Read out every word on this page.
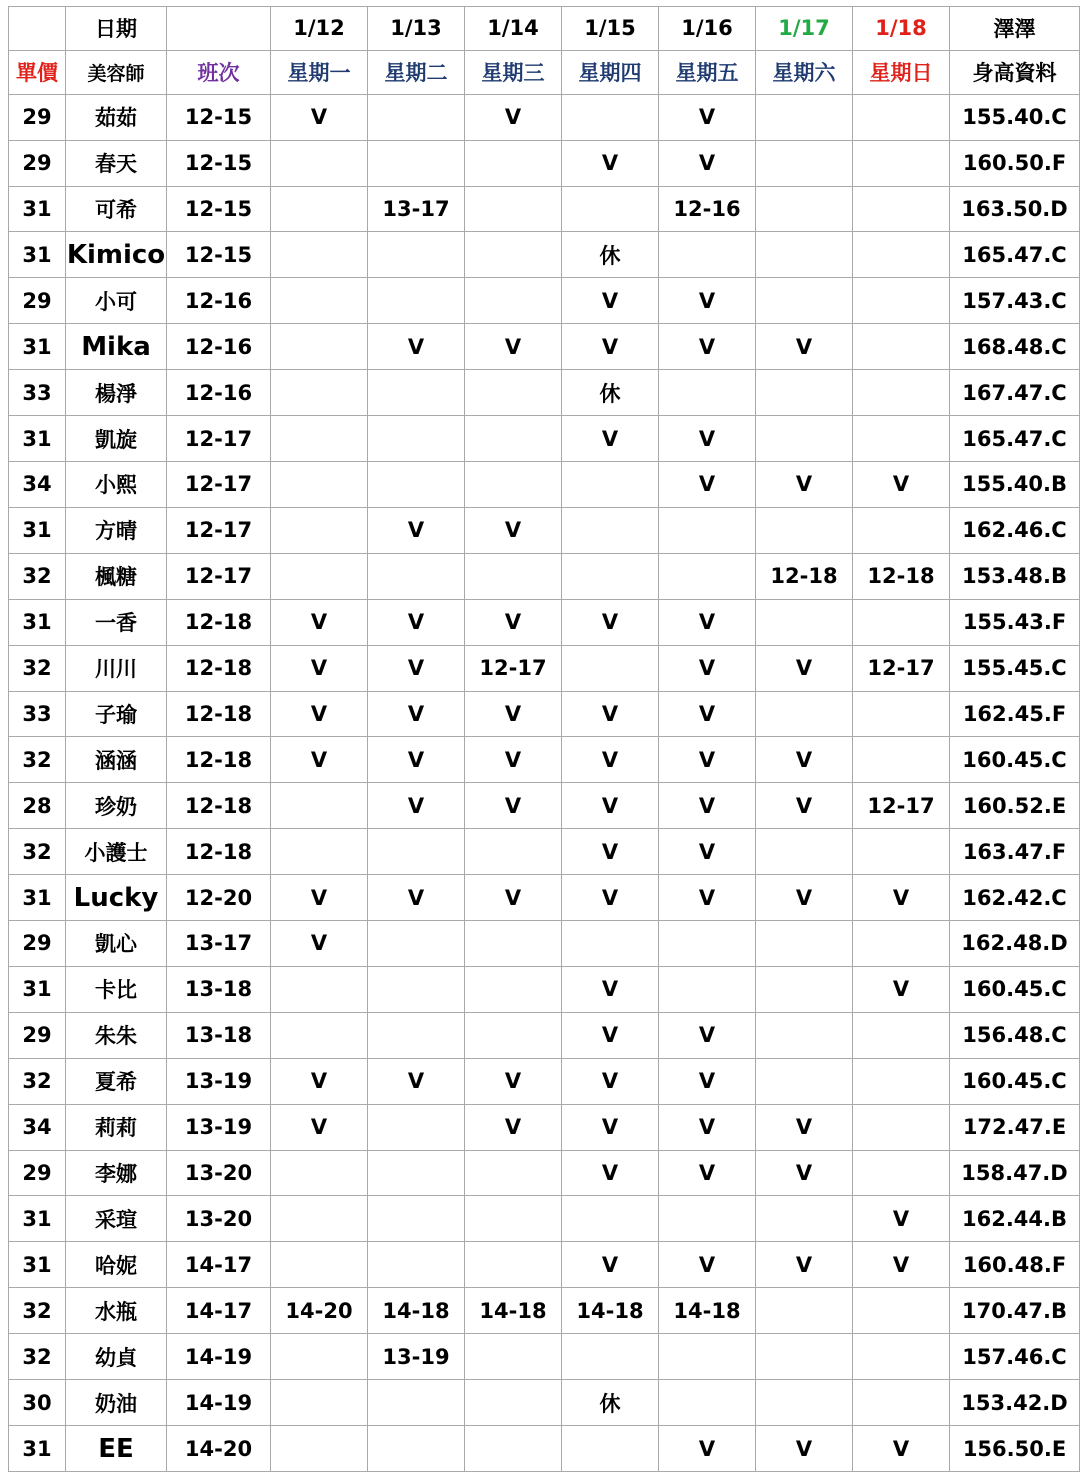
	日期		1/12	1/13	1/14	1/15	1/16	1/17	1/18	澤澤
單價	美容師	班次	星期一	星期二	星期三	星期四	星期五	星期六	星期日	身高資料
29	茹茹	12-15	V		V		V			155.40.C
29	春天	12-15				V	V			160.50.F
31	可希	12-15		13-17			12-16			163.50.D
31	Kimico	12-15				休				165.47.C
29	小可	12-16				V	V			157.43.C
31	Mika	12-16		V	V	V	V	V		168.48.C
33	楊淨	12-16				休				167.47.C
31	凱旋	12-17				V	V			165.47.C
34	小熙	12-17					V	V	V	155.40.B
31	方晴	12-17		V	V					162.46.C
32	楓糖	12-17						12-18	12-18	153.48.B
31	一香	12-18	V	V	V	V	V			155.43.F
32	川川	12-18	V	V	12-17		V	V	12-17	155.45.C
33	子瑜	12-18	V	V	V	V	V			162.45.F
32	涵涵	12-18	V	V	V	V	V	V		160.45.C
28	珍奶	12-18		V	V	V	V	V	12-17	160.52.E
32	小護士	12-18				V	V			163.47.F
31	Lucky	12-20	V	V	V	V	V	V	V	162.42.C
29	凱心	13-17	V							162.48.D
31	卡比	13-18				V			V	160.45.C
29	朱朱	13-18				V	V			156.48.C
32	夏希	13-19	V	V	V	V	V			160.45.C
34	莉莉	13-19	V		V	V	V	V		172.47.E
29	李娜	13-20				V	V	V		158.47.D
31	采瑄	13-20							V	162.44.B
31	哈妮	14-17				V	V	V	V	160.48.F
32	水瓶	14-17	14-20	14-18	14-18	14-18	14-18			170.47.B
32	幼貞	14-19		13-19						157.46.C
30	奶油	14-19				休				153.42.D
31	EE	14-20					V	V	V	156.50.E
